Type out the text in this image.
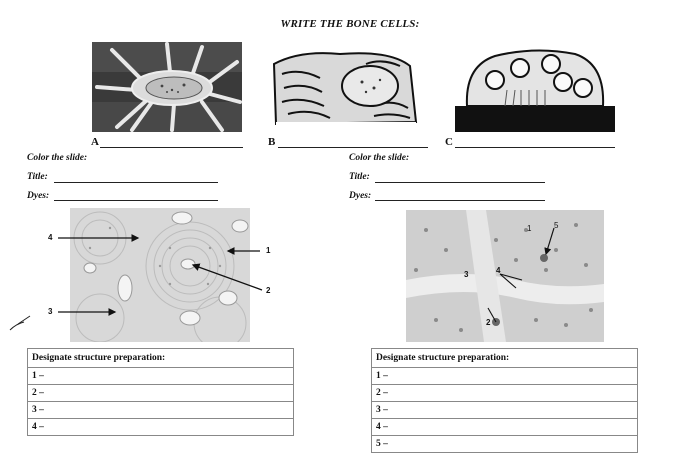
WRITE THE BONE CELLS:
A	B	C
Color the slide:
Title:
Dyes:
Color the slide:
Title:
Dyes:
4
1
2
3
1	5
3	4
2
Designate structure preparation:
1 –
2 –
3 –
4 –
Designate structure preparation:
1 –
2 –
3 –
4 –
5 –
